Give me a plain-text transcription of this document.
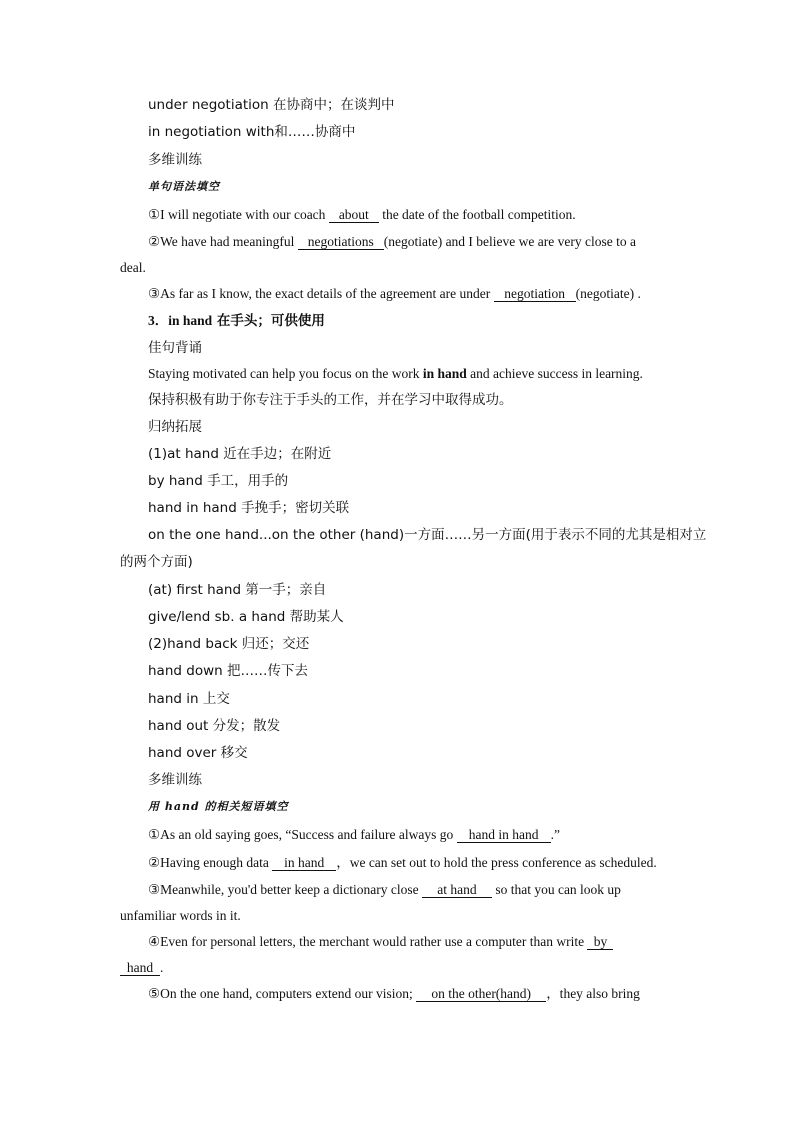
under negotiation 在协商中；在谈判中
in negotiation with和……协商中
多维训练
单句语法填空
①I will negotiate with our coach about the date of the football competition.
②We have had meaningful negotiations (negotiate) and I believe we are very close to a
deal.
③As far as I know, the exact details of the agreement are under negotiation (negotiate) .
3．in hand 在手头；可供使用
佳句背诵
Staying motivated can help you focus on the work in hand and achieve success in learning.
保持积极有助于你专注于手头的工作，并在学习中取得成功。
归纳拓展
(1)at hand 近在手边；在附近
by hand 手工，用手的
hand in hand 手挽手；密切关联
on the one hand...on the other (hand)一方面……另一方面(用于表示不同的尤其是相对立
的两个方面)
(at) first hand 第一手；亲自
give/lend sb. a hand 帮助某人
(2)hand back 归还；交还
hand down 把……传下去
hand in 上交
hand out 分发；散发
hand over 移交
多维训练
用 hand 的相关短语填空
①As an old saying goes, “Success and failure always go hand in hand .”
②Having enough data in hand ，we can set out to hold the press conference as scheduled.
③Meanwhile, you'd better keep a dictionary close at hand so that you can look up
unfamiliar words in it.
④Even for personal letters, the merchant would rather use a computer than write by
hand .
⑤On the one hand, computers extend our vision; on the other(hand) ，they also bring
